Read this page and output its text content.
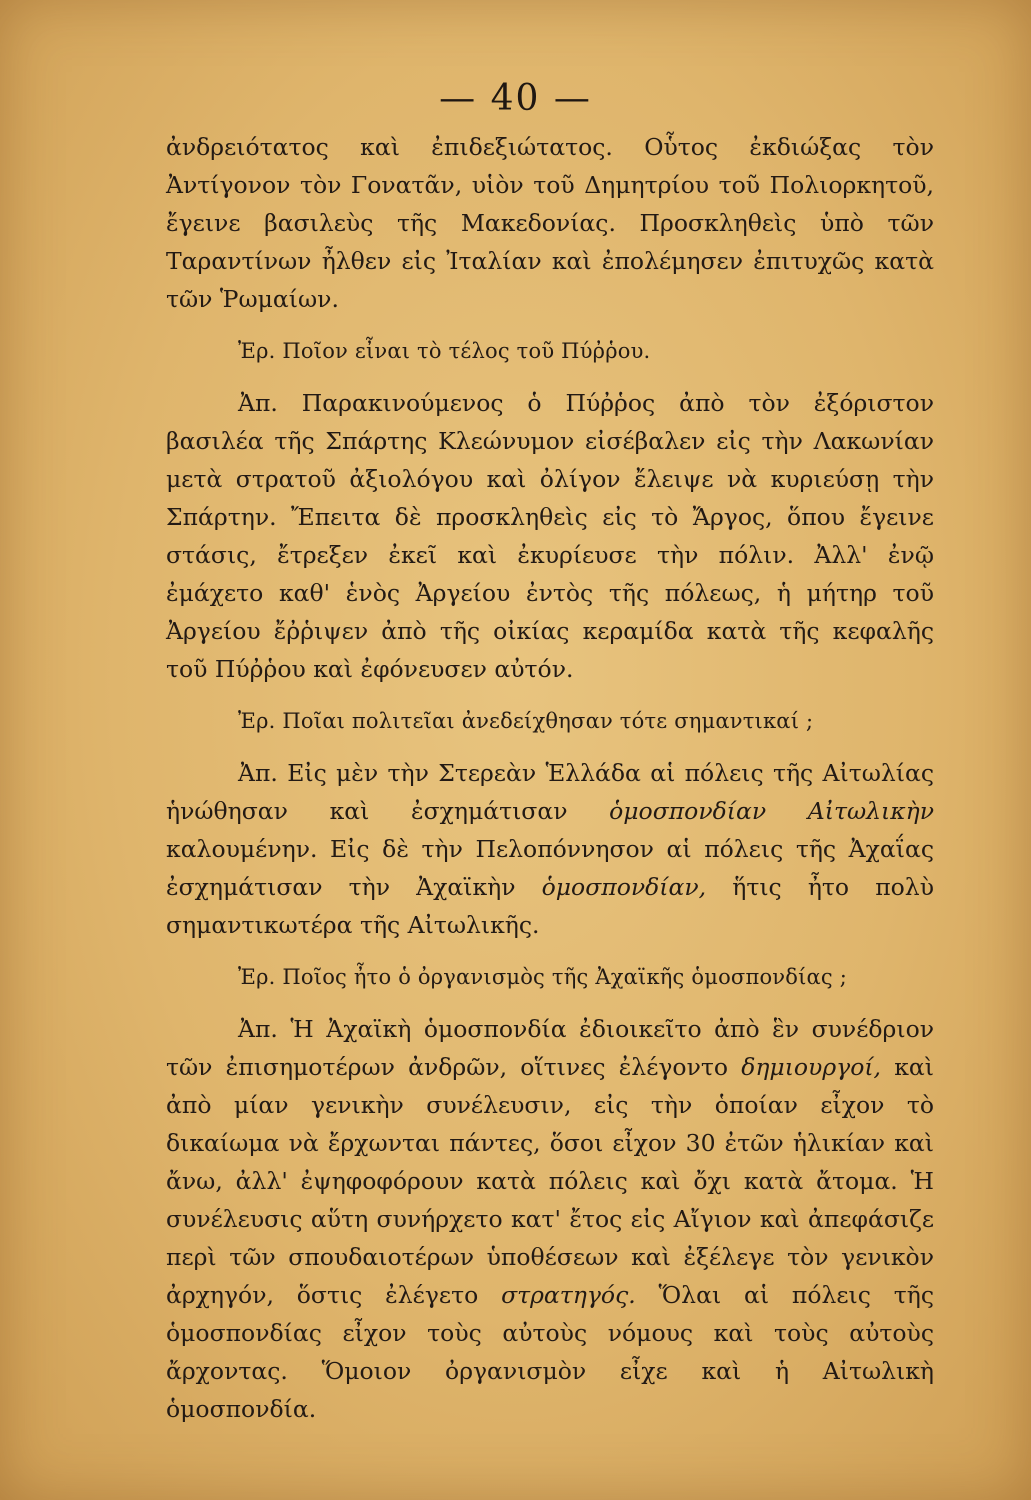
— 40 —

ἀνδρειότατος καὶ ἐπιδεξιώτατος. Οὗτος ἐκδιώξας τὸν Ἀντίγονον τὸν Γονατᾶν, υἱὸν τοῦ Δημητρίου τοῦ Πολιορκητοῦ, ἔγεινε βασιλεὺς τῆς Μακεδονίας. Προσκληθεὶς ὑπὸ τῶν Ταραντίνων ἦλθεν εἰς Ἰταλίαν καὶ ἐπολέμησεν ἐπιτυχῶς κατὰ τῶν Ῥωμαίων.

Ἐρ. Ποῖον εἶναι τὸ τέλος τοῦ Πύῤῥου.

Ἀπ. Παρακινούμενος ὁ Πύῤῥος ἀπὸ τὸν ἐξόριστον βασιλέα τῆς Σπάρτης Κλεώνυμον εἰσέβαλεν εἰς τὴν Λακωνίαν μετὰ στρατοῦ ἀξιολόγου καὶ ὀλίγον ἔλειψε νὰ κυριεύσῃ τὴν Σπάρτην. Ἔπειτα δὲ προσκληθεὶς εἰς τὸ Ἄργος, ὅπου ἔγεινε στάσις, ἔτρεξεν ἐκεῖ καὶ ἐκυρίευσε τὴν πόλιν. Ἀλλ' ἐνῷ ἐμάχετο καθ' ἑνὸς Ἀργείου ἐντὸς τῆς πόλεως, ἡ μήτηρ τοῦ Ἀργείου ἔῤῥιψεν ἀπὸ τῆς οἰκίας κεραμίδα κατὰ τῆς κεφαλῆς τοῦ Πύῤῥου καὶ ἐφόνευσεν αὐτόν.

Ἐρ. Ποῖαι πολιτεῖαι ἀνεδείχθησαν τότε σημαντικαί ;

Ἀπ. Εἰς μὲν τὴν Στερεὰν Ἑλλάδα αἱ πόλεις τῆς Αἰτωλίας ἡνώθησαν καὶ ἐσχημάτισαν ὁμοσπονδίαν Αἰτωλικὴν καλουμένην. Εἰς δὲ τὴν Πελοπόννησον αἱ πόλεις τῆς Ἀχαΐας ἐσχημάτισαν τὴν Ἀχαϊκὴν ὁμοσπονδίαν, ἥτις ἦτο πολὺ σημαντικωτέρα τῆς Αἰτωλικῆς.

Ἐρ. Ποῖος ἦτο ὁ ὀργανισμὸς τῆς Ἀχαϊκῆς ὁμοσπονδίας ;

Ἀπ. Ἡ Ἀχαϊκὴ ὁμοσπονδία ἐδιοικεῖτο ἀπὸ ἓν συνέδριον τῶν ἐπισημοτέρων ἀνδρῶν, οἵτινες ἐλέγοντο δημιουργοί, καὶ ἀπὸ μίαν γενικὴν συνέλευσιν, εἰς τὴν ὁποίαν εἶχον τὸ δικαίωμα νὰ ἔρχωνται πάντες, ὅσοι εἶχον 30 ἐτῶν ἡλικίαν καὶ ἄνω, ἀλλ' ἐψηφοφόρουν κατὰ πόλεις καὶ ὄχι κατὰ ἄτομα. Ἡ συνέλευσις αὕτη συνήρχετο κατ' ἔτος εἰς Αἴγιον καὶ ἀπεφάσιζε περὶ τῶν σπουδαιοτέρων ὑποθέσεων καὶ ἐξέλεγε τὸν γενικὸν ἀρχηγόν, ὅστις ἐλέγετο στρατηγός. Ὅλαι αἱ πόλεις τῆς ὁμοσπονδίας εἶχον τοὺς αὐτοὺς νόμους καὶ τοὺς αὐτοὺς ἄρχοντας. Ὅμοιον ὀργανισμὸν εἶχε καὶ ἡ Αἰτωλικὴ ὁμοσπονδία.
